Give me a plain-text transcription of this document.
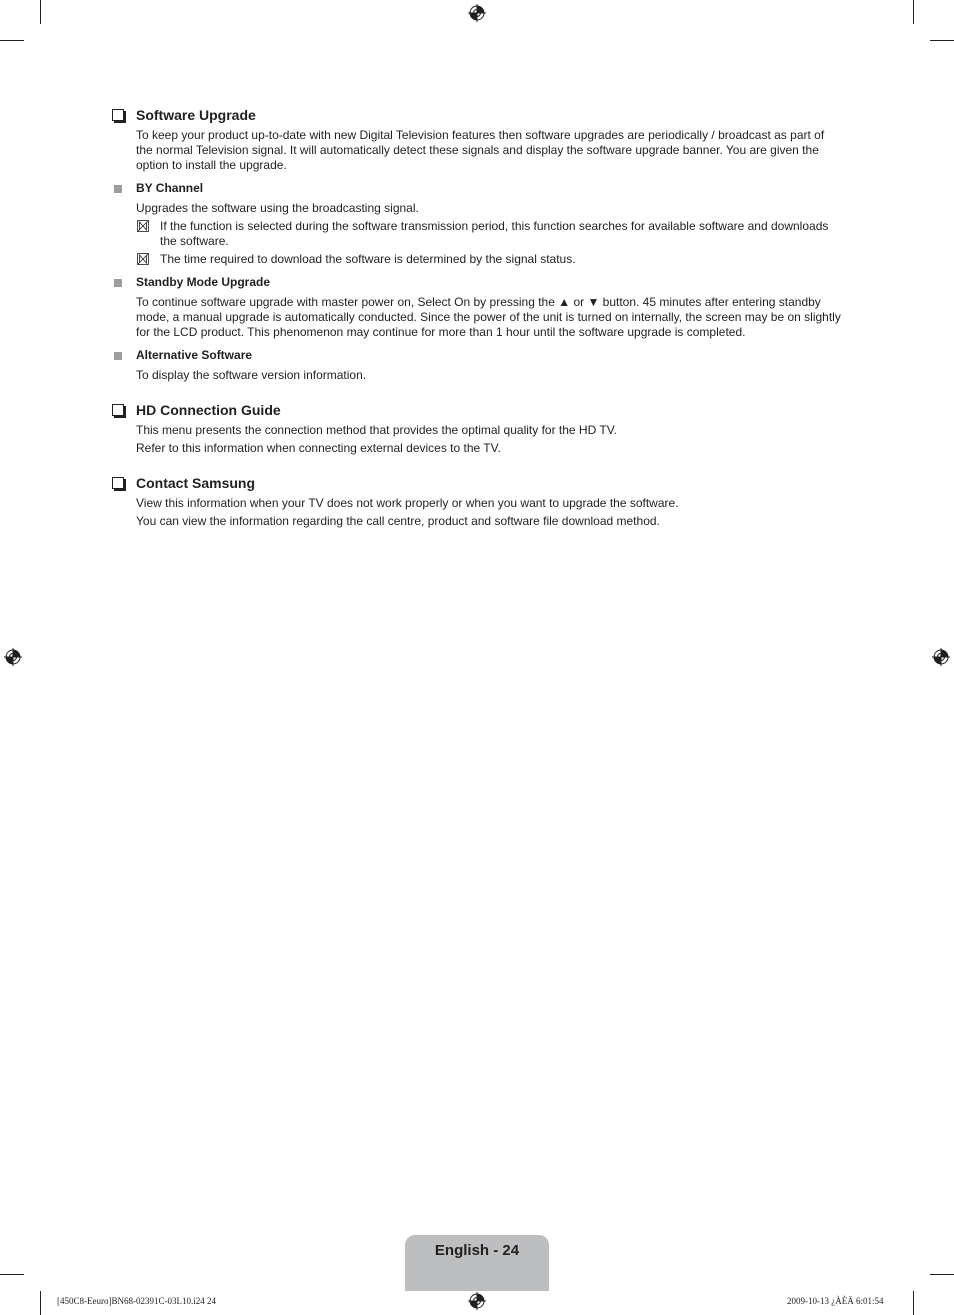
Software Upgrade
To keep your product up-to-date with new Digital Television features then software upgrades are periodically / broadcast as part of the normal Television signal. It will automatically detect these signals and display the software upgrade banner. You are given the option to install the upgrade.
BY Channel
Upgrades the software using the broadcasting signal.
If the function is selected during the software transmission period, this function searches for available software and downloads the software.
The time required to download the software is determined by the signal status.
Standby Mode Upgrade
To continue software upgrade with master power on, Select On by pressing the ▲ or ▼ button. 45 minutes after entering standby mode, a manual upgrade is automatically conducted. Since the power of the unit is turned on internally, the screen may be on slightly for the LCD product. This phenomenon may continue for more than 1 hour until the software upgrade is completed.
Alternative Software
To display the software version information.
HD Connection Guide
This menu presents the connection method that provides the optimal quality for the HD TV.
Refer to this information when connecting external devices to the TV.
Contact Samsung
View this information when your TV does not work properly or when you want to upgrade the software.
You can view the information regarding the call centre, product and software file download method.
English - 24
[450C8-Eeuro]BN68-02391C-03L10.i24 24	2009-10-13 ¿ÀÈÄ 6:01:54
